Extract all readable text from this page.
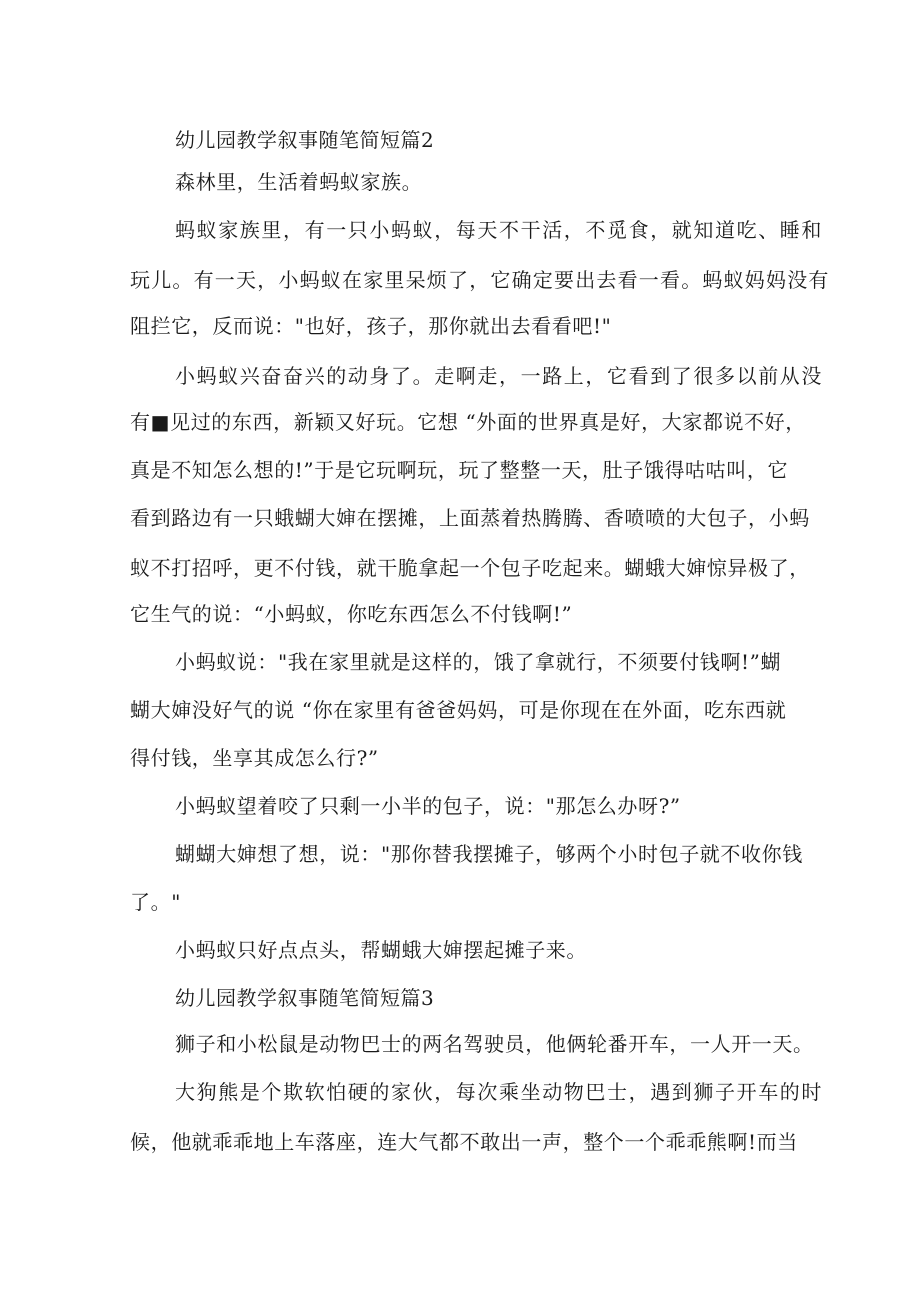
幼儿园教学叙事随笔简短篇2
森林里，生活着蚂蚁家族。
蚂蚁家族里，有一只小蚂蚁，每天不干活，不觅食，就知道吃、睡和
玩儿。有一天，小蚂蚁在家里呆烦了，它确定要出去看一看。蚂蚁妈妈没有
阻拦它，反而说："也好，孩子，那你就出去看看吧!"
小蚂蚁兴奋奋兴的动身了。走啊走，一路上，它看到了很多以前从没
有■见过的东西，新颖又好玩。它想 “外面的世界真是好，大家都说不好，
真是不知怎么想的!”于是它玩啊玩，玩了整整一天，肚子饿得咕咕叫，它
看到路边有一只蛾蝴大婶在摆摊，上面蒸着热腾腾、香喷喷的大包子，小蚂
蚁不打招呼，更不付钱，就干脆拿起一个包子吃起来。蝴蛾大婶惊异极了，
它生气的说：“小蚂蚁，你吃东西怎么不付钱啊!”
小蚂蚁说："我在家里就是这样的，饿了拿就行，不须要付钱啊!”蝴
蝴大婶没好气的说 “你在家里有爸爸妈妈，可是你现在在外面，吃东西就
得付钱，坐享其成怎么行?”
小蚂蚁望着咬了只剩一小半的包子，说："那怎么办呀?”
蝴蝴大婶想了想，说："那你替我摆摊子，够两个小时包子就不收你钱
了。"
小蚂蚁只好点点头，帮蝴蛾大婶摆起摊子来。
幼儿园教学叙事随笔简短篇3
狮子和小松鼠是动物巴士的两名驾驶员，他俩轮番开车，一人开一天。
大狗熊是个欺软怕硬的家伙，每次乘坐动物巴士，遇到狮子开车的时
候，他就乖乖地上车落座，连大气都不敢出一声，整个一个乖乖熊啊!而当
